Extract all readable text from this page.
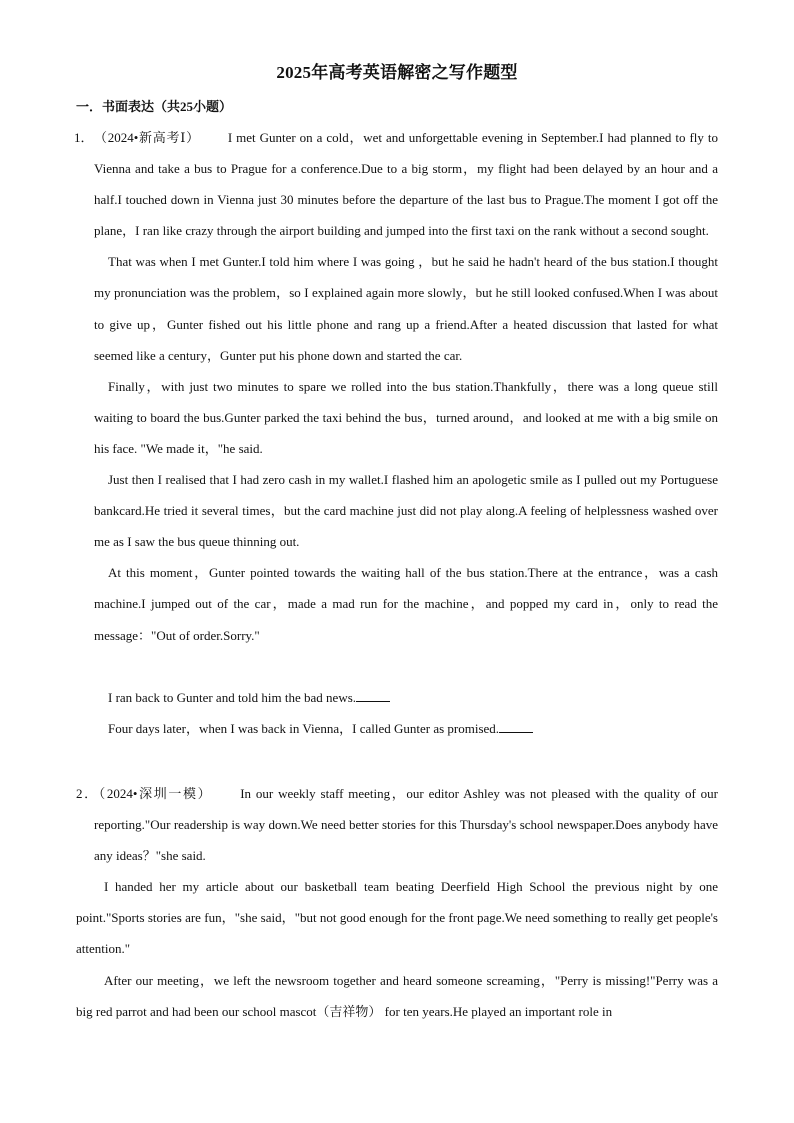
2025年高考英语解密之写作题型
一．书面表达（共25小题）
1． （2024•新高考Ⅰ） I met Gunter on a cold，wet and unforgettable evening in September.I had planned to fly to Vienna and take a bus to Prague for a conference.Due to a big storm，my flight had been delayed by an hour and a half.I touched down in Vienna just 30 minutes before the departure of the last bus to Prague.The moment I got off the plane，I ran like crazy through the airport building and jumped into the first taxi on the rank without a second sought.

That was when I met Gunter.I told him where I was going ，but he said he hadn't heard of the bus station.I thought my pronunciation was the problem，so I explained again more slowly，but he still looked confused.When I was about to give up，Gunter fished out his little phone and rang up a friend.After a heated discussion that lasted for what seemed like a century，Gunter put his phone down and started the car.

Finally，with just two minutes to spare we rolled into the bus station.Thankfully，there was a long queue still waiting to board the bus.Gunter parked the taxi behind the bus，turned around，and looked at me with a big smile on his face. "We made it，"he said.

Just then I realised that I had zero cash in my wallet.I flashed him an apologetic smile as I pulled out my Portuguese bankcard.He tried it several times，but the card machine just did not play along.A feeling of helplessness washed over me as I saw the bus queue thinning out.

At this moment，Gunter pointed towards the waiting hall of the bus station.There at the entrance，was a cash machine.I jumped out of the car，made a mad run for the machine，and popped my card in，only to read the message："Out of order.Sorry."

I ran back to Gunter and told him the bad news.

Four days later，when I was back in Vienna，I called Gunter as promised.

2．（2024•深圳一模） In our weekly staff meeting，our editor Ashley was not pleased with the quality of our reporting."Our readership is way down.We need better stories for this Thursday's school newspaper.Does anybody have any ideas？"she said.

I handed her my article about our basketball team beating Deerfield High School the previous night by one point."Sports stories are fun，"she said，"but not good enough for the front page.We need something to really get people's attention."

After our meeting，we left the newsroom together and heard someone screaming，"Perry is missing!"Perry was a big red parrot and had been our school mascot（吉祥物） for ten years.He played an important role in
